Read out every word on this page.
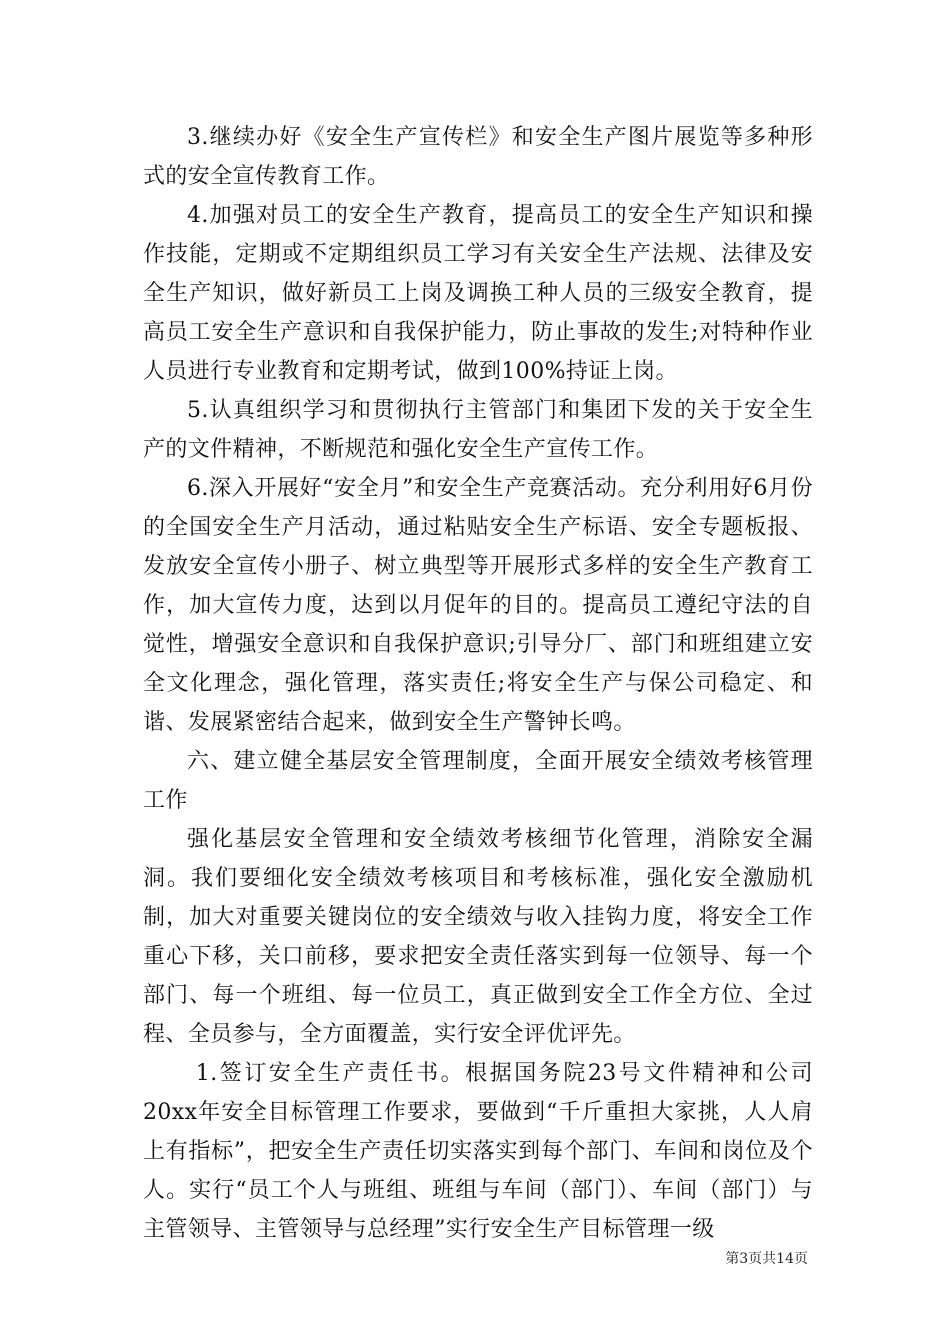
3.继续办好《安全生产宣传栏》和安全生产图片展览等多种形式的安全宣传教育工作。

4.加强对员工的安全生产教育，提高员工的安全生产知识和操作技能，定期或不定期组织员工学习有关安全生产法规、法律及安全生产知识，做好新员工上岗及调换工种人员的三级安全教育，提高员工安全生产意识和自我保护能力，防止事故的发生;对特种作业人员进行专业教育和定期考试，做到100%持证上岗。

5.认真组织学习和贯彻执行主管部门和集团下发的关于安全生产的文件精神，不断规范和强化安全生产宣传工作。

6.深入开展好“安全月”和安全生产竞赛活动。充分利用好6月份的全国安全生产月活动，通过粘贴安全生产标语、安全专题板报、发放安全宣传小册子、树立典型等开展形式多样的安全生产教育工作，加大宣传力度，达到以月促年的目的。提高员工遵纪守法的自觉性，增强安全意识和自我保护意识;引导分厂、部门和班组建立安全文化理念，强化管理，落实责任;将安全生产与保公司稳定、和谐、发展紧密结合起来，做到安全生产警钟长鸣。

六、建立健全基层安全管理制度，全面开展安全绩效考核管理工作

强化基层安全管理和安全绩效考核细节化管理，消除安全漏洞。我们要细化安全绩效考核项目和考核标准，强化安全激励机制，加大对重要关键岗位的安全绩效与收入挂钩力度，将安全工作重心下移，关口前移，要求把安全责任落实到每一位领导、每一个部门、每一个班组、每一位员工，真正做到安全工作全方位、全过程、全员参与，全方面覆盖，实行安全评优评先。

1.签订安全生产责任书。根据国务院23号文件精神和公司20xx年安全目标管理工作要求，要做到“千斤重担大家挑，人人肩上有指标”，把安全生产责任切实落实到每个部门、车间和岗位及个人。实行“员工个人与班组、班组与车间（部门）、车间（部门）与主管领导、主管领导与总经理”实行安全生产目标管理一级

第3页共14页
